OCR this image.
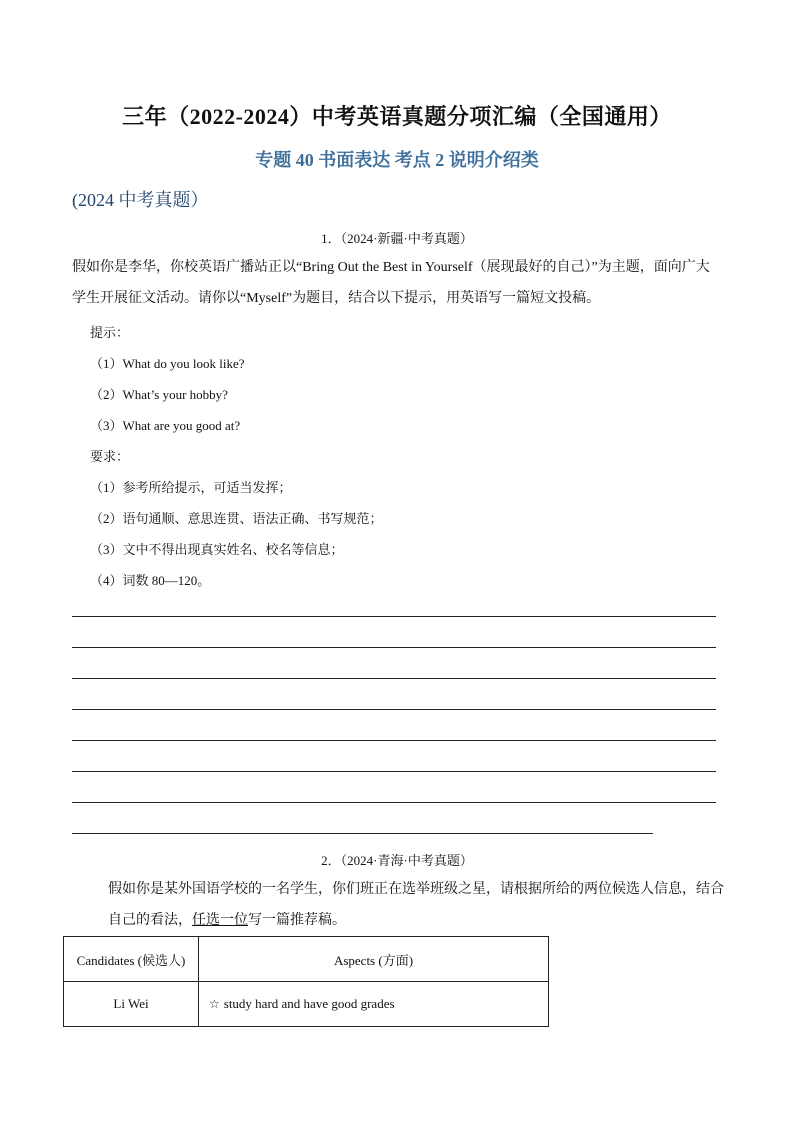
三年（2022-2024）中考英语真题分项汇编（全国通用）
专题 40 书面表达 考点 2 说明介绍类
(2024 中考真题）
1．（2024·新疆·中考真题）
假如你是李华，你校英语广播站正以“Bring Out the Best in Yourself（展现最好的自己）”为主题，面向广大
学生开展征文活动。请你以“Myself”为题目，结合以下提示，用英语写一篇短文投稿。
提示：
（1）What do you look like?
（2）What’s your hobby?
（3）What are you good at?
要求：
（1）参考所给提示，可适当发挥；
（2）语句通顺、意思连贯、语法正确、书写规范；
（3）文中不得出现真实姓名、校名等信息；
（4）词数 80—120。
2．（2024·青海·中考真题）
假如你是某外国语学校的一名学生，你们班正在选举班级之星，请根据所给的两位候选人信息，结合
自己的看法，任选一位写一篇推荐稿。
Candidates (候选人)	Aspects (方面)
Li Wei	☆ study hard and have good grades
